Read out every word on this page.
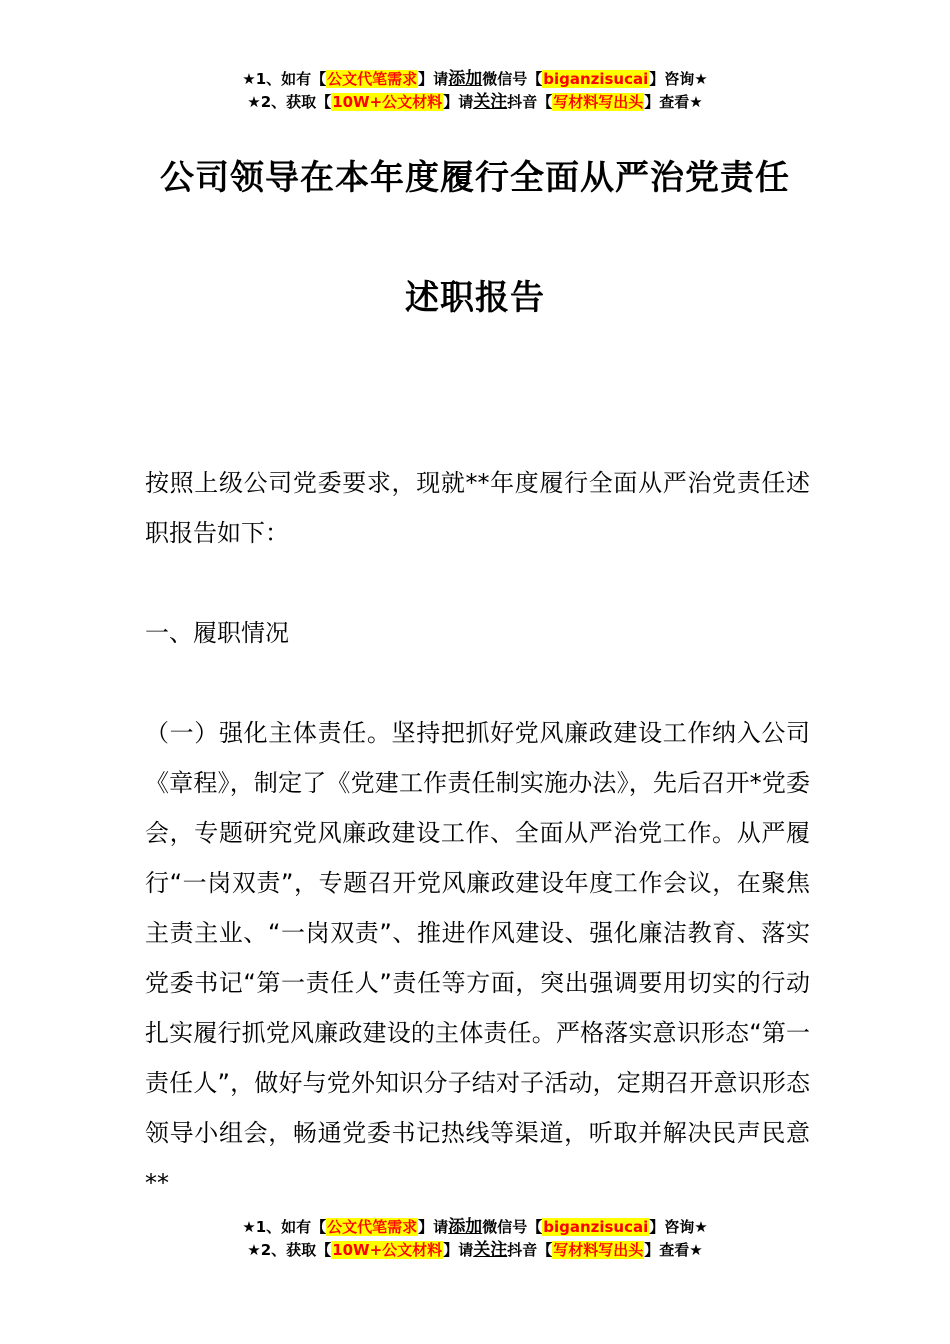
★1、如有【公文代笔需求】请添加微信号【biganzisucai】咨询★
★2、获取【10W+公文材料】请关注抖音【写材料写出头】查看★
公司领导在本年度履行全面从严治党责任
述职报告
按照上级公司党委要求，现就**年度履行全面从严治党责任述职报告如下：
一、履职情况
（一）强化主体责任。坚持把抓好党风廉政建设工作纳入公司《章程》，制定了《党建工作责任制实施办法》，先后召开*党委会，专题研究党风廉政建设工作、全面从严治党工作。从严履行“一岗双责”，专题召开党风廉政建设年度工作会议，在聚焦主责主业、“一岗双责”、推进作风建设、强化廉洁教育、落实党委书记“第一责任人”责任等方面，突出强调要用切实的行动扎实履行抓党风廉政建设的主体责任。严格落实意识形态“第一责任人”，做好与党外知识分子结对子活动，定期召开意识形态领导小组会，畅通党委书记热线等渠道，听取并解决民声民意**
★1、如有【公文代笔需求】请添加微信号【biganzisucai】咨询★
★2、获取【10W+公文材料】请关注抖音【写材料写出头】查看★
